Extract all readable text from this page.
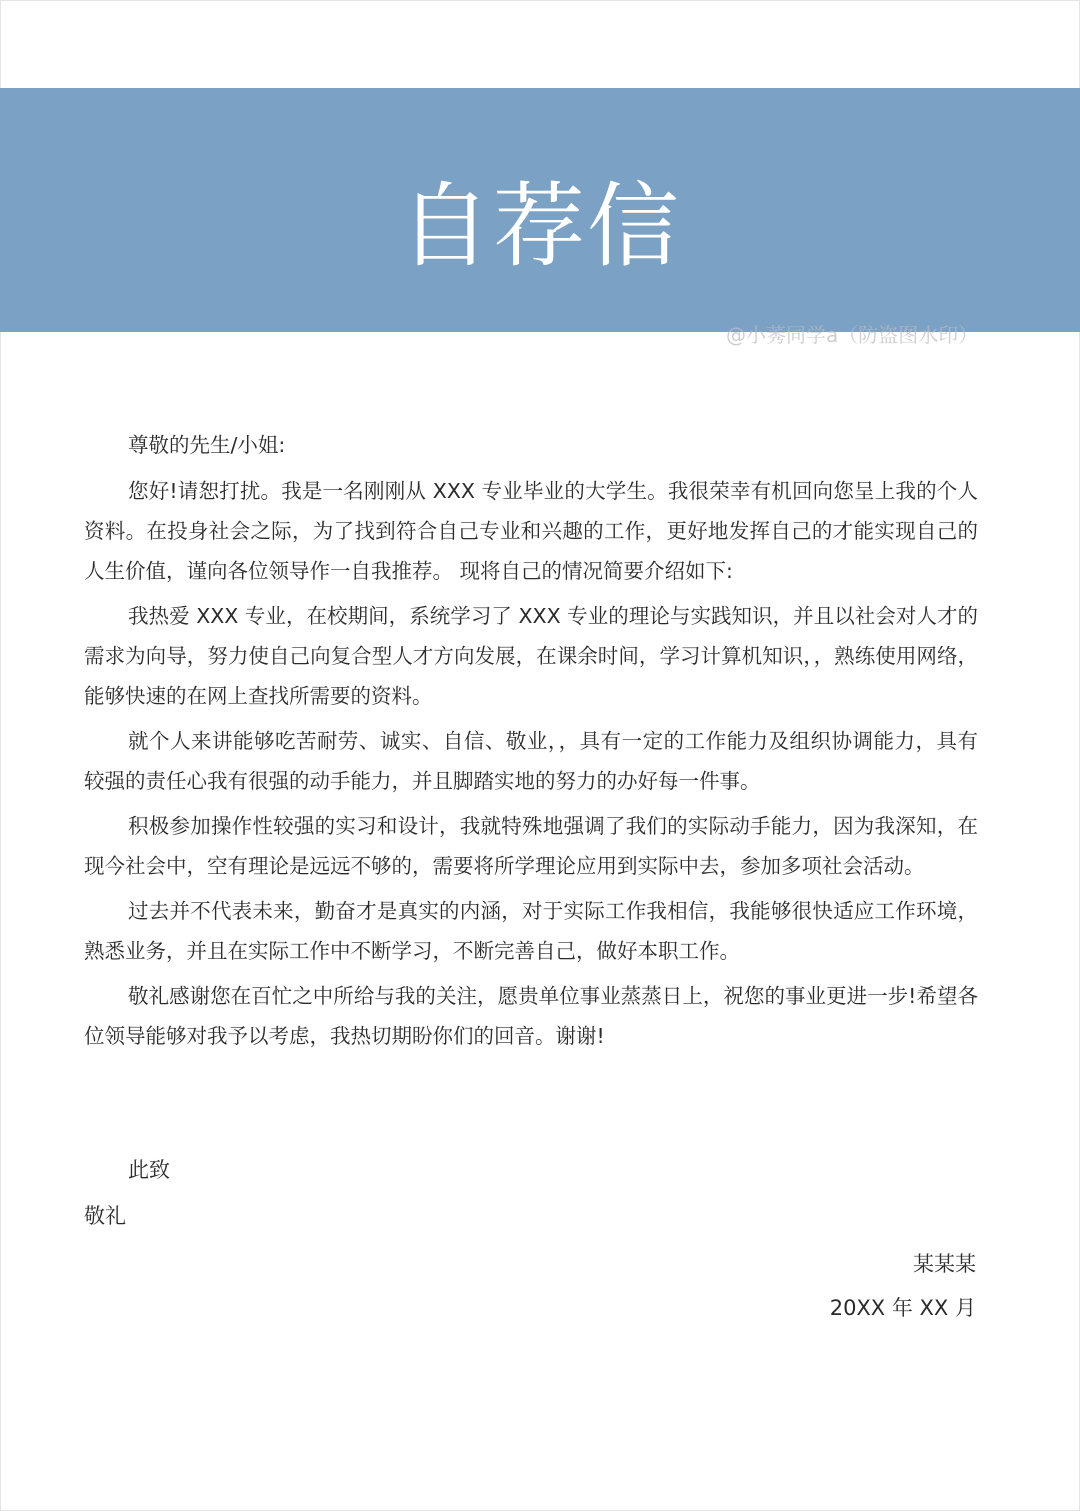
自荐信
@小莠同学a（防盗图水印）

尊敬的先生/小姐:

您好!请恕打扰。我是一名刚刚从 XXX 专业毕业的大学生。我很荣幸有机回向您呈上我的个人资料。在投身社会之际，为了找到符合自己专业和兴趣的工作，更好地发挥自己的才能实现自己的人生价值，谨向各位领导作一自我推荐。 现将自己的情况简要介绍如下:

我热爱 XXX 专业，在校期间，系统学习了 XXX 专业的理论与实践知识，并且以社会对人才的需求为向导，努力使自己向复合型人才方向发展，在课余时间，学习计算机知识，，熟练使用网络，能够快速的在网上查找所需要的资料。

就个人来讲能够吃苦耐劳、诚实、自信、敬业，，具有一定的工作能力及组织协调能力，具有较强的责任心我有很强的动手能力，并且脚踏实地的努力的办好每一件事。

积极参加操作性较强的实习和设计，我就特殊地强调了我们的实际动手能力，因为我深知，在现今社会中，空有理论是远远不够的，需要将所学理论应用到实际中去，参加多项社会活动。

过去并不代表未来，勤奋才是真实的内涵，对于实际工作我相信，我能够很快适应工作环境，熟悉业务，并且在实际工作中不断学习，不断完善自己，做好本职工作。

敬礼感谢您在百忙之中所给与我的关注，愿贵单位事业蒸蒸日上，祝您的事业更进一步!希望各位领导能够对我予以考虑，我热切期盼你们的回音。谢谢!

此致

敬礼

某某某
20XX 年 XX 月
